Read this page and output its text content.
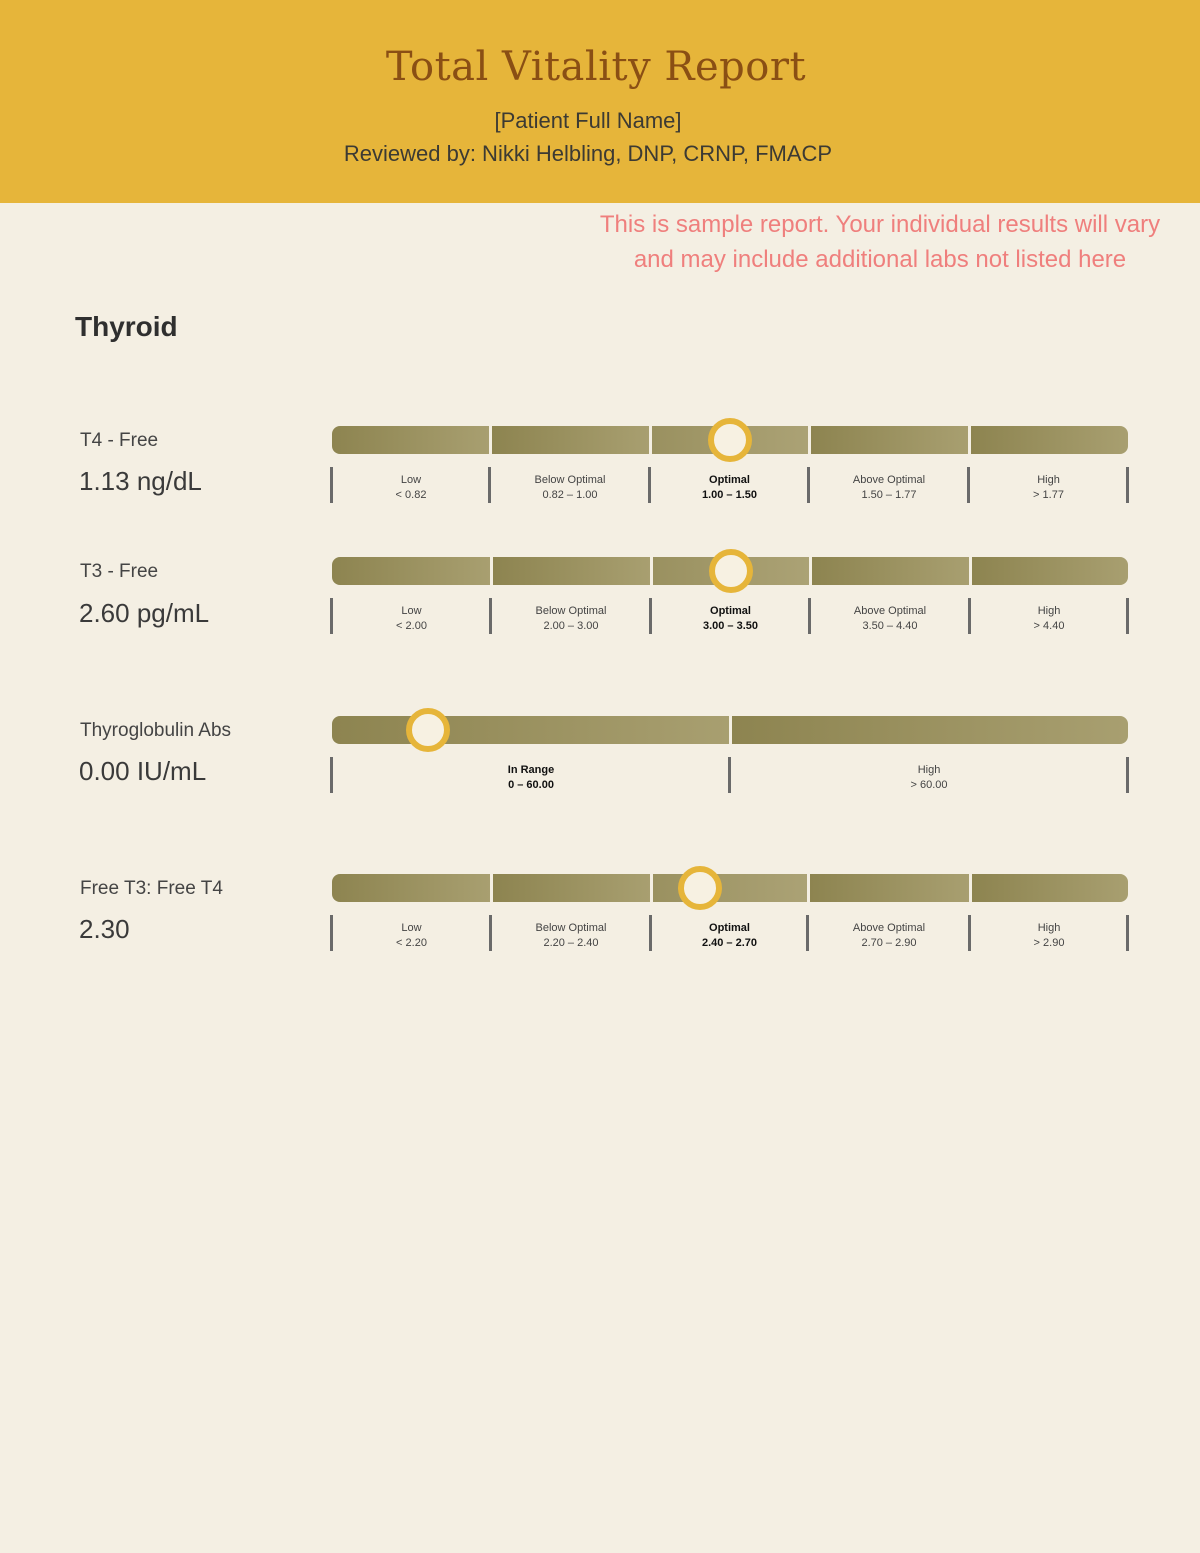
Total Vitality Report
[Patient Full Name]
Reviewed by: Nikki Helbling, DNP, CRNP, FMACP
This is sample report. Your individual results will vary
and may include additional labs not listed here
Thyroid
T4 - Free
1.13 ng/dL	Low
< 0.82
Below Optimal
0.82 – 1.00
Optimal
1.00 – 1.50
Above Optimal
1.50 – 1.77
High
> 1.77
T3 - Free
2.60 pg/mL	Low
< 2.00
Below Optimal
2.00 – 3.00
Optimal
3.00 – 3.50
Above Optimal
3.50 – 4.40
High
> 4.40
Thyroglobulin Abs
0.00 IU/mL	In Range
0 – 60.00
High
> 60.00
Free T3: Free T4
2.30	Low
< 2.20
Below Optimal
2.20 – 2.40
Optimal
2.40 – 2.70
Above Optimal
2.70 – 2.90
High
> 2.90
